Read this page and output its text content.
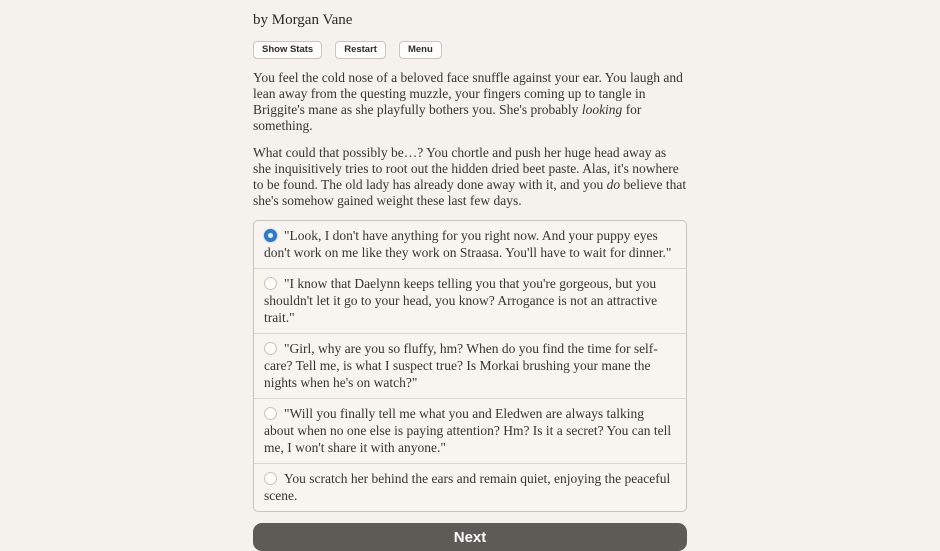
by Morgan Vane
Show Stats	Restart	Menu

You feel the cold nose of a beloved face snuffle against your ear. You laugh and lean away from the questing muzzle, your fingers coming up to tangle in Briggite's mane as she playfully bothers you. She's probably looking for something.

What could that possibly be…? You chortle and push her huge head away as she inquisitively tries to root out the hidden dried beet paste. Alas, it's nowhere to be found. The old lady has already done away with it, and you do believe that she's somehow gained weight these last few days.

"Look, I don't have anything for you right now. And your puppy eyes don't work on me like they work on Straasa. You'll have to wait for dinner."
"I know that Daelynn keeps telling you that you're gorgeous, but you shouldn't let it go to your head, you know? Arrogance is not an attractive trait."
"Girl, why are you so fluffy, hm? When do you find the time for self-care? Tell me, is what I suspect true? Is Morkai brushing your mane the nights when he's on watch?"
"Will you finally tell me what you and Eledwen are always talking about when no one else is paying attention? Hm? Is it a secret? You can tell me, I won't share it with anyone."
You scratch her behind the ears and remain quiet, enjoying the peaceful scene.
Next
